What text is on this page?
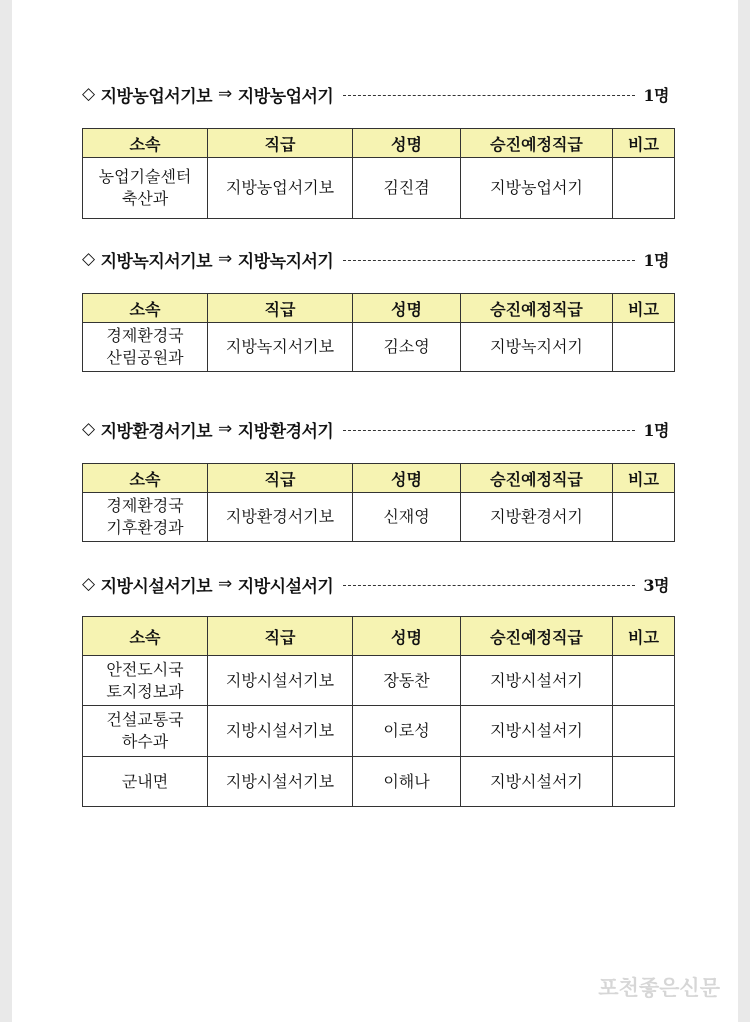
◇ 지방농업서기보 ⇒ 지방농업서기	1명
소속	직급	성명	승진예정직급	비고

농업기술센터
축산과	지방농업서기보	김진겸	지방농업서기	
◇ 지방녹지서기보 ⇒ 지방녹지서기	1명
소속	직급	성명	승진예정직급	비고

경제환경국
산림공원과	지방녹지서기보	김소영	지방녹지서기	
◇ 지방환경서기보 ⇒ 지방환경서기	1명
소속	직급	성명	승진예정직급	비고

경제환경국
기후환경과	지방환경서기보	신재영	지방환경서기	
◇ 지방시설서기보 ⇒ 지방시설서기	3명
소속	직급	성명	승진예정직급	비고

안전도시국
토지정보과	지방시설서기보	장동찬	지방시설서기	

건설교통국
하수과	지방시설서기보	이로성	지방시설서기	

군내면	지방시설서기보	이해나	지방시설서기	
포천좋은신문
